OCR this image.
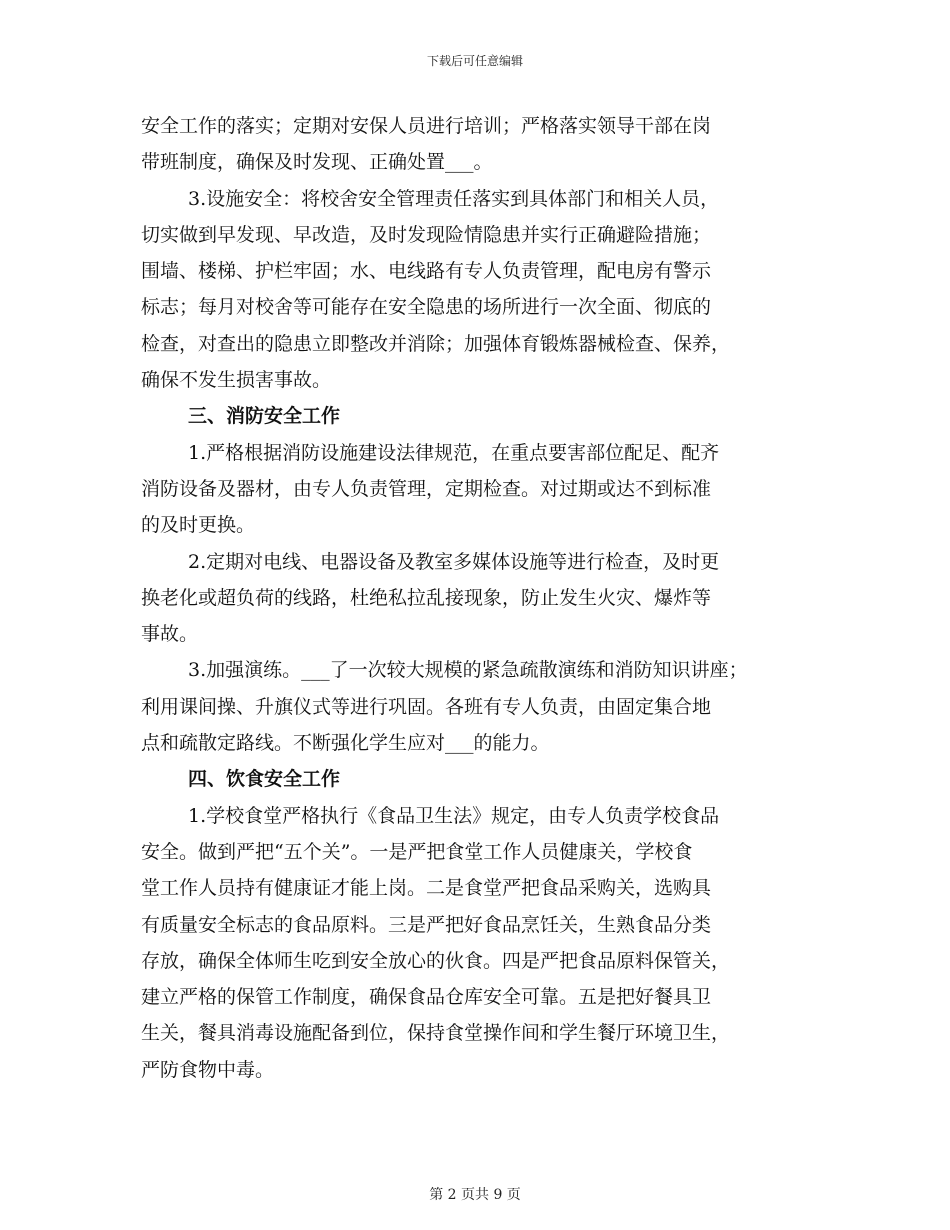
下载后可任意编辑
安全工作的落实；定期对安保人员进行培训；严格落实领导干部在岗
带班制度，确保及时发现、正确处置___。
3.设施安全：将校舍安全管理责任落实到具体部门和相关人员，
切实做到早发现、早改造，及时发现险情隐患并实行正确避险措施；
围墙、楼梯、护栏牢固；水、电线路有专人负责管理，配电房有警示
标志；每月对校舍等可能存在安全隐患的场所进行一次全面、彻底的
检查，对查出的隐患立即整改并消除；加强体育锻炼器械检查、保养，
确保不发生损害事故。
三、消防安全工作
1.严格根据消防设施建设法律规范，在重点要害部位配足、配齐
消防设备及器材，由专人负责管理，定期检查。对过期或达不到标准
的及时更换。
2.定期对电线、电器设备及教室多媒体设施等进行检查，及时更
换老化或超负荷的线路，杜绝私拉乱接现象，防止发生火灾、爆炸等
事故。
3.加强演练。___了一次较大规模的紧急疏散演练和消防知识讲座；
利用课间操、升旗仪式等进行巩固。各班有专人负责，由固定集合地
点和疏散定路线。不断强化学生应对___的能力。
四、饮食安全工作
1.学校食堂严格执行《食品卫生法》规定，由专人负责学校食品
安全。做到严把“五个关”。一是严把食堂工作人员健康关，学校食
堂工作人员持有健康证才能上岗。二是食堂严把食品采购关，选购具
有质量安全标志的食品原料。三是严把好食品烹饪关，生熟食品分类
存放，确保全体师生吃到安全放心的伙食。四是严把食品原料保管关，
建立严格的保管工作制度，确保食品仓库安全可靠。五是把好餐具卫
生关，餐具消毒设施配备到位，保持食堂操作间和学生餐厅环境卫生，
严防食物中毒。
第 2 页共 9 页
